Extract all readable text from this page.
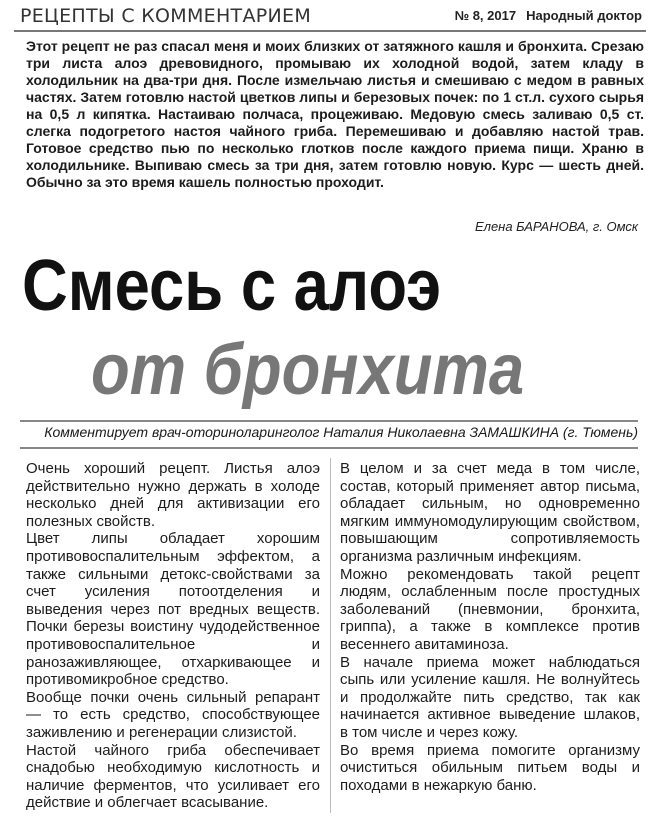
РЕЦЕПТЫ С КОММЕНТАРИЕМ	№ 8, 2017 Народный доктор
Этот рецепт не раз спасал меня и моих близких от затяжного кашля и бронхита. Срезаю три листа алоэ древовидного, промываю их холодной водой, затем кладу в холодильник на два-три дня. После измельчаю листья и смешиваю с медом в равных частях. Затем готовлю настой цветков липы и березовых почек: по 1 ст.л. сухого сырья на 0,5 л кипятка. Настаиваю полчаса, процеживаю. Медовую смесь заливаю 0,5 ст. слегка подогретого настоя чайного гриба. Перемешиваю и добавляю настой трав. Готовое средство пью по несколько глотков после каждого приема пищи. Храню в холодильнике. Выпиваю смесь за три дня, затем готовлю новую. Курс — шесть дней. Обычно за это время кашель полностью проходит.
Елена БАРАНОВА, г. Омск
Смесь с алоэ
от бронхита
Комментирует врач-оториноларинголог Наталия Николаевна ЗАМАШКИНА (г. Тюмень)

Очень хороший рецепт. Листья алоэ действительно нужно держать в холоде несколько дней для активизации его полезных свойств.

Цвет липы обладает хорошим противовоспалительным эффектом, а также сильными детокс-свойствами за счет усиления потоотделения и выведения через пот вредных веществ. Почки березы воистину чудодейственное противовоспалительное и ранозаживляющее, отхаркивающее и противомикробное средство.

Вообще почки очень сильный репарант — то есть средство, способствующее заживлению и регенерации слизистой.

Настой чайного гриба обеспечивает снадобью необходимую кислотность и наличие ферментов, что усиливает его действие и облегчает всасывание.

В целом и за счет меда в том числе, состав, который применяет автор письма, обладает сильным, но одновременно мягким иммуномодулирующим свойством, повышающим сопротивляемость организма различным инфекциям.

Можно рекомендовать такой рецепт людям, ослабленным после простудных заболеваний (пневмонии, бронхита, гриппа), а также в комплексе против весеннего авитаминоза.

В начале приема может наблюдаться сыпь или усиление кашля. Не волнуйтесь и продолжайте пить средство, так как начинается активное выведение шлаков, в том числе и через кожу.

Во время приема помогите организму очиститься обильным питьем воды и походами в нежаркую баню.
